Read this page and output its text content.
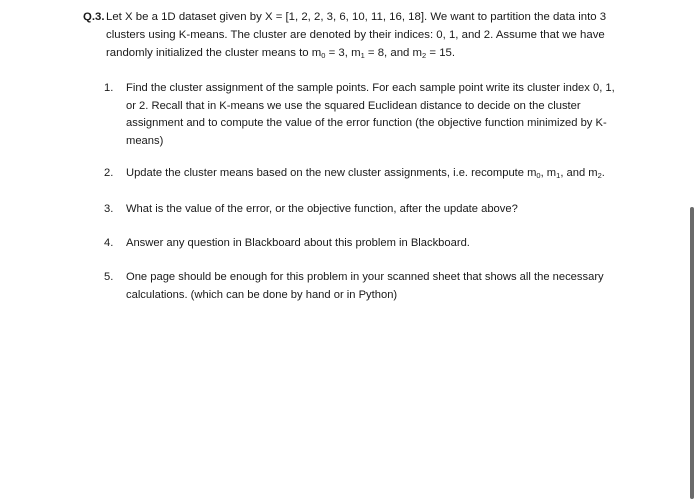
Q.3. Let X be a 1D dataset given by X = [1, 2, 2, 3, 6, 10, 11, 16, 18]. We want to partition the data into 3 clusters using K-means. The cluster are denoted by their indices: 0, 1, and 2. Assume that we have randomly initialized the cluster means to $m_0 = 3$, $m_1 = 8$, and $m_2 = 15$.

1.	Find the cluster assignment of the sample points. For each sample point write its cluster index 0, 1, or 2. Recall that in K-means we use the squared Euclidean distance to decide on the cluster assignment and to compute the value of the error function (the objective function minimized by K-means)
2.	Update the cluster means based on the new cluster assignments, i.e. recompute $m_0$, $m_1$, and $m_2$.
3.	What is the value of the error, or the objective function, after the update above?
4.	Answer any question in Blackboard about this problem in Blackboard.
5.	One page should be enough for this problem in your scanned sheet that shows all the necessary calculations. (which can be done by hand or in Python)
